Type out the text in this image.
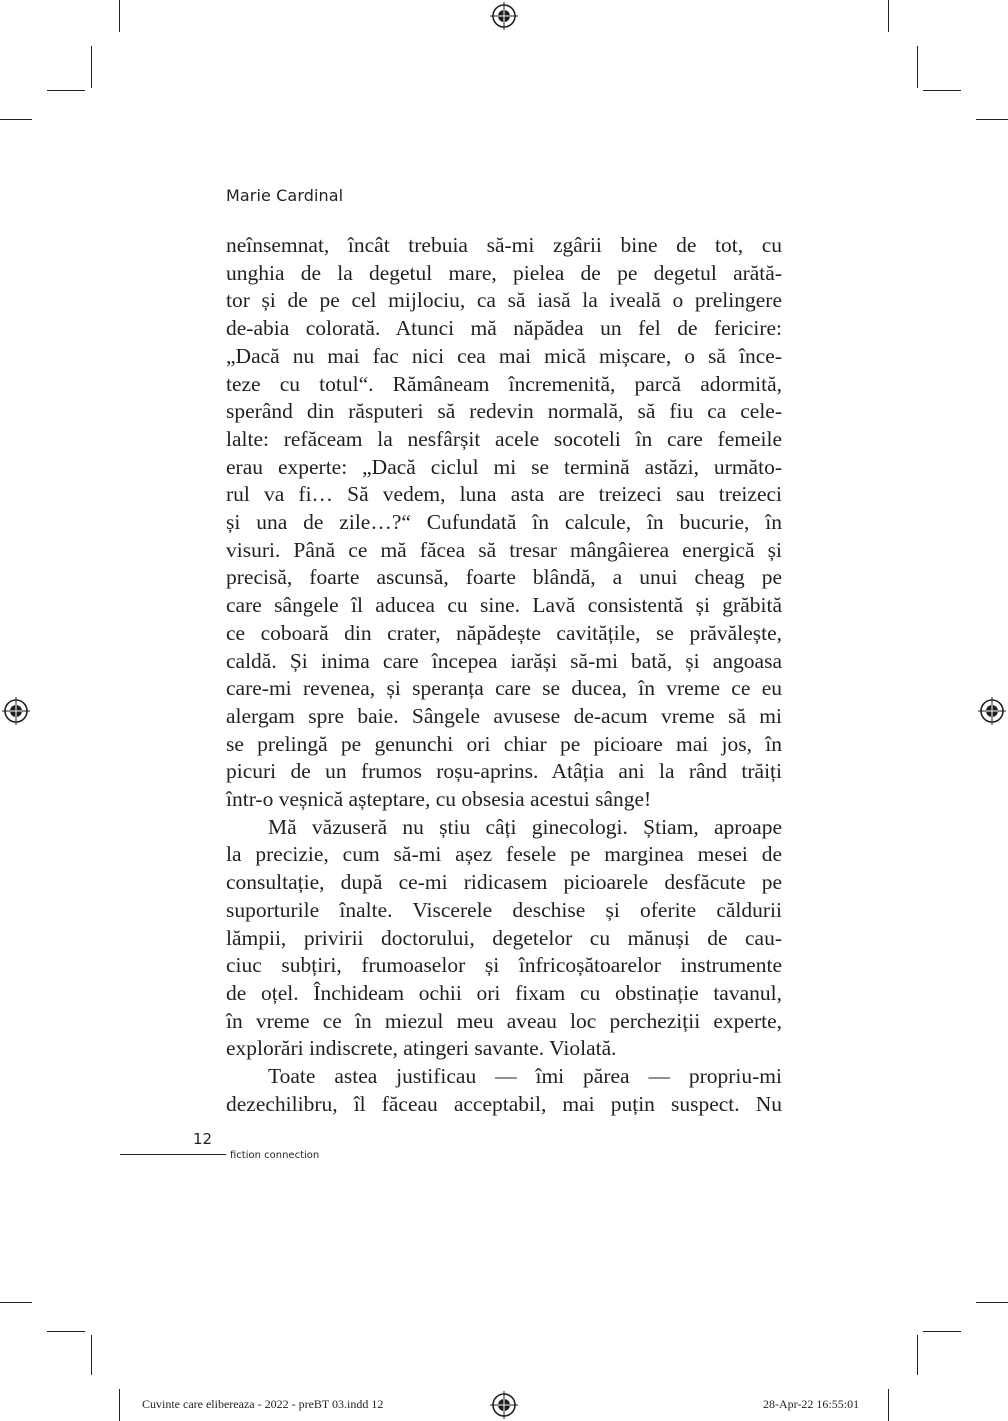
Marie Cardinal
neînsemnat, încât trebuia să-mi zgârii bine de tot, cu
unghia de la degetul mare, pielea de pe degetul arătă-
tor și de pe cel mijlociu, ca să iasă la iveală o prelingere
de-abia colorată. Atunci mă năpădea un fel de fericire:
„Dacă nu mai fac nici cea mai mică mișcare, o să înce-
teze cu totul“. Rămâneam încremenită, parcă adormită,
sperând din răsputeri să redevin normală, să fiu ca cele-
lalte: refăceam la nesfârșit acele socoteli în care femeile
erau experte: „Dacă ciclul mi se termină astăzi, următo-
rul va fi… Să vedem, luna asta are treizeci sau treizeci
și una de zile…?“ Cufundată în calcule, în bucurie, în
visuri. Până ce mă făcea să tresar mângâierea energică și
precisă, foarte ascunsă, foarte blândă, a unui cheag pe
care sângele îl aducea cu sine. Lavă consistentă și grăbită
ce coboară din crater, năpădește cavitățile, se prăvălește,
caldă. Și inima care începea iarăși să-mi bată, și angoasa
care-mi revenea, și speranța care se ducea, în vreme ce eu
alergam spre baie. Sângele avusese de-acum vreme să mi
se prelingă pe genunchi ori chiar pe picioare mai jos, în
picuri de un frumos roșu-aprins. Atâția ani la rând trăiți
într-o veșnică așteptare, cu obsesia acestui sânge!
Mă văzuseră nu știu câți ginecologi. Știam, aproape
la precizie, cum să-mi așez fesele pe marginea mesei de
consultație, după ce-mi ridicasem picioarele desfăcute pe
suporturile înalte. Viscerele deschise și oferite căldurii
lămpii, privirii doctorului, degetelor cu mănuși de cau-
ciuc subțiri, frumoaselor și înfricoșătoarelor instrumente
de oțel. Închideam ochii ori fixam cu obstinație tavanul,
în vreme ce în miezul meu aveau loc percheziții experte,
explorări indiscrete, atingeri savante. Violată.
Toate astea justificau — îmi părea — propriu-mi
dezechilibru, îl făceau acceptabil, mai puțin suspect. Nu
12
fiction connection
Cuvinte care elibereaza - 2022 - preBT 03.indd 12	28-Apr-22 16:55:01
